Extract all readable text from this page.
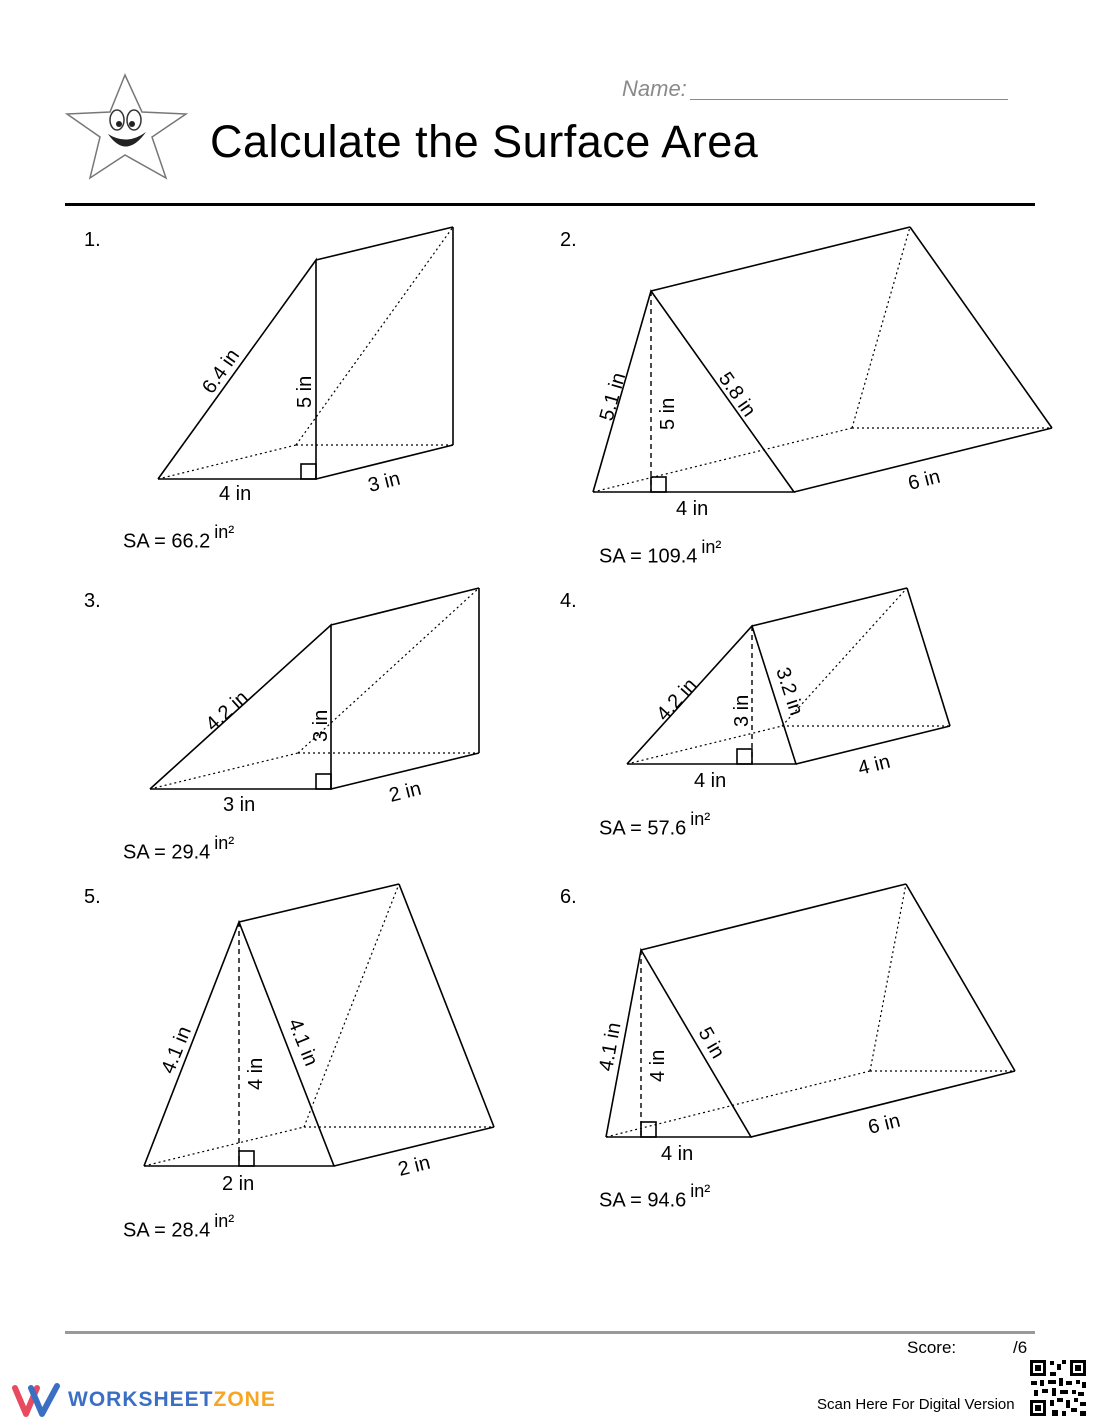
Name:
Calculate the Surface Area
1.	2.
3.	4.
5.	6.
6.4 in 5 in
4 in	3 in
5.1 in 5 in 5.8 in
4 in
6 in
4.2 in	3 in
3 in	2 in
4.2 in 3 in 3.2 in
4 in
4 in
4.1 in 4 in
4.1 in
2 in
2 in
4.1 in 4 in
5 in
4 in
6 in
SA = 66.2 $^{in^2}$
SA = 109.4 $^{in^2}$
SA = 29.4 $^{in^2}$
SA = 57.6 $^{in^2}$
SA = 28.4 $^{in^2}$
SA = 94.6 $^{in^2}$
Score:	/6
WORKSHEETZONE	Scan Here For Digital Version
